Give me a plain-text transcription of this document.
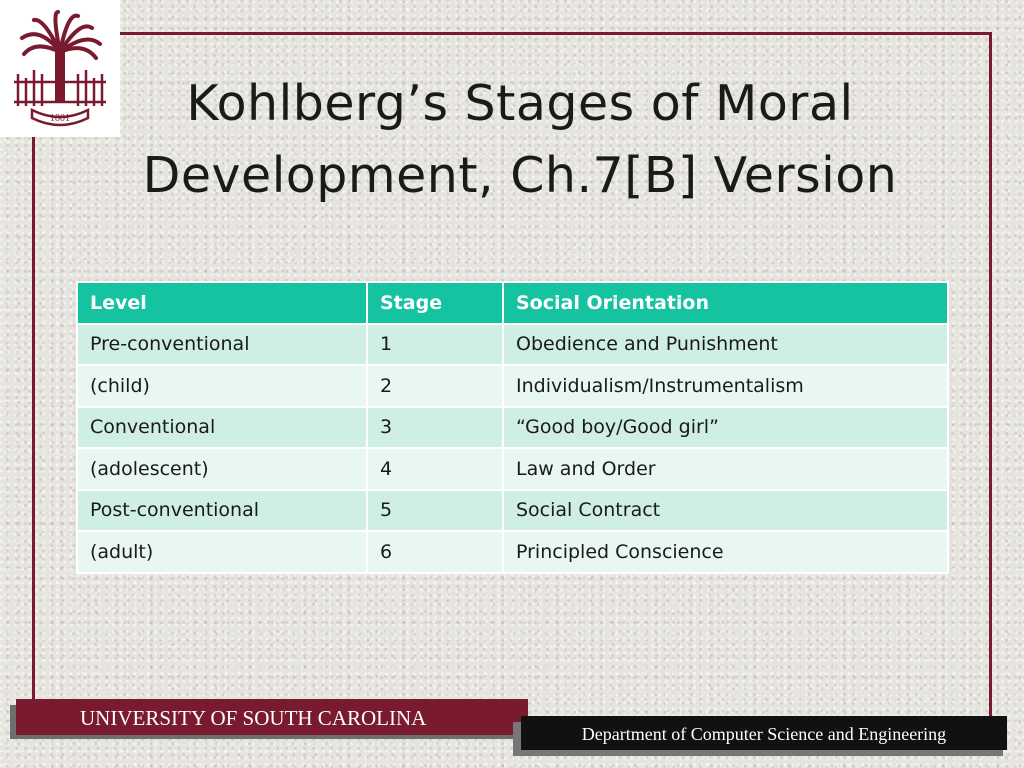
1801	Kohlberg’s Stages of Moral
Development, Ch.7[B] Version
Level	Stage	Social Orientation
Pre-conventional	1	Obedience and Punishment
(child)	2	Individualism/Instrumentalism
Conventional	3	“Good boy/Good girl”
(adolescent)	4	Law and Order
Post-conventional	5	Social Contract
(adult)	6	Principled Conscience
UNIVERSITY OF SOUTH CAROLINA
Department of Computer Science and Engineering
